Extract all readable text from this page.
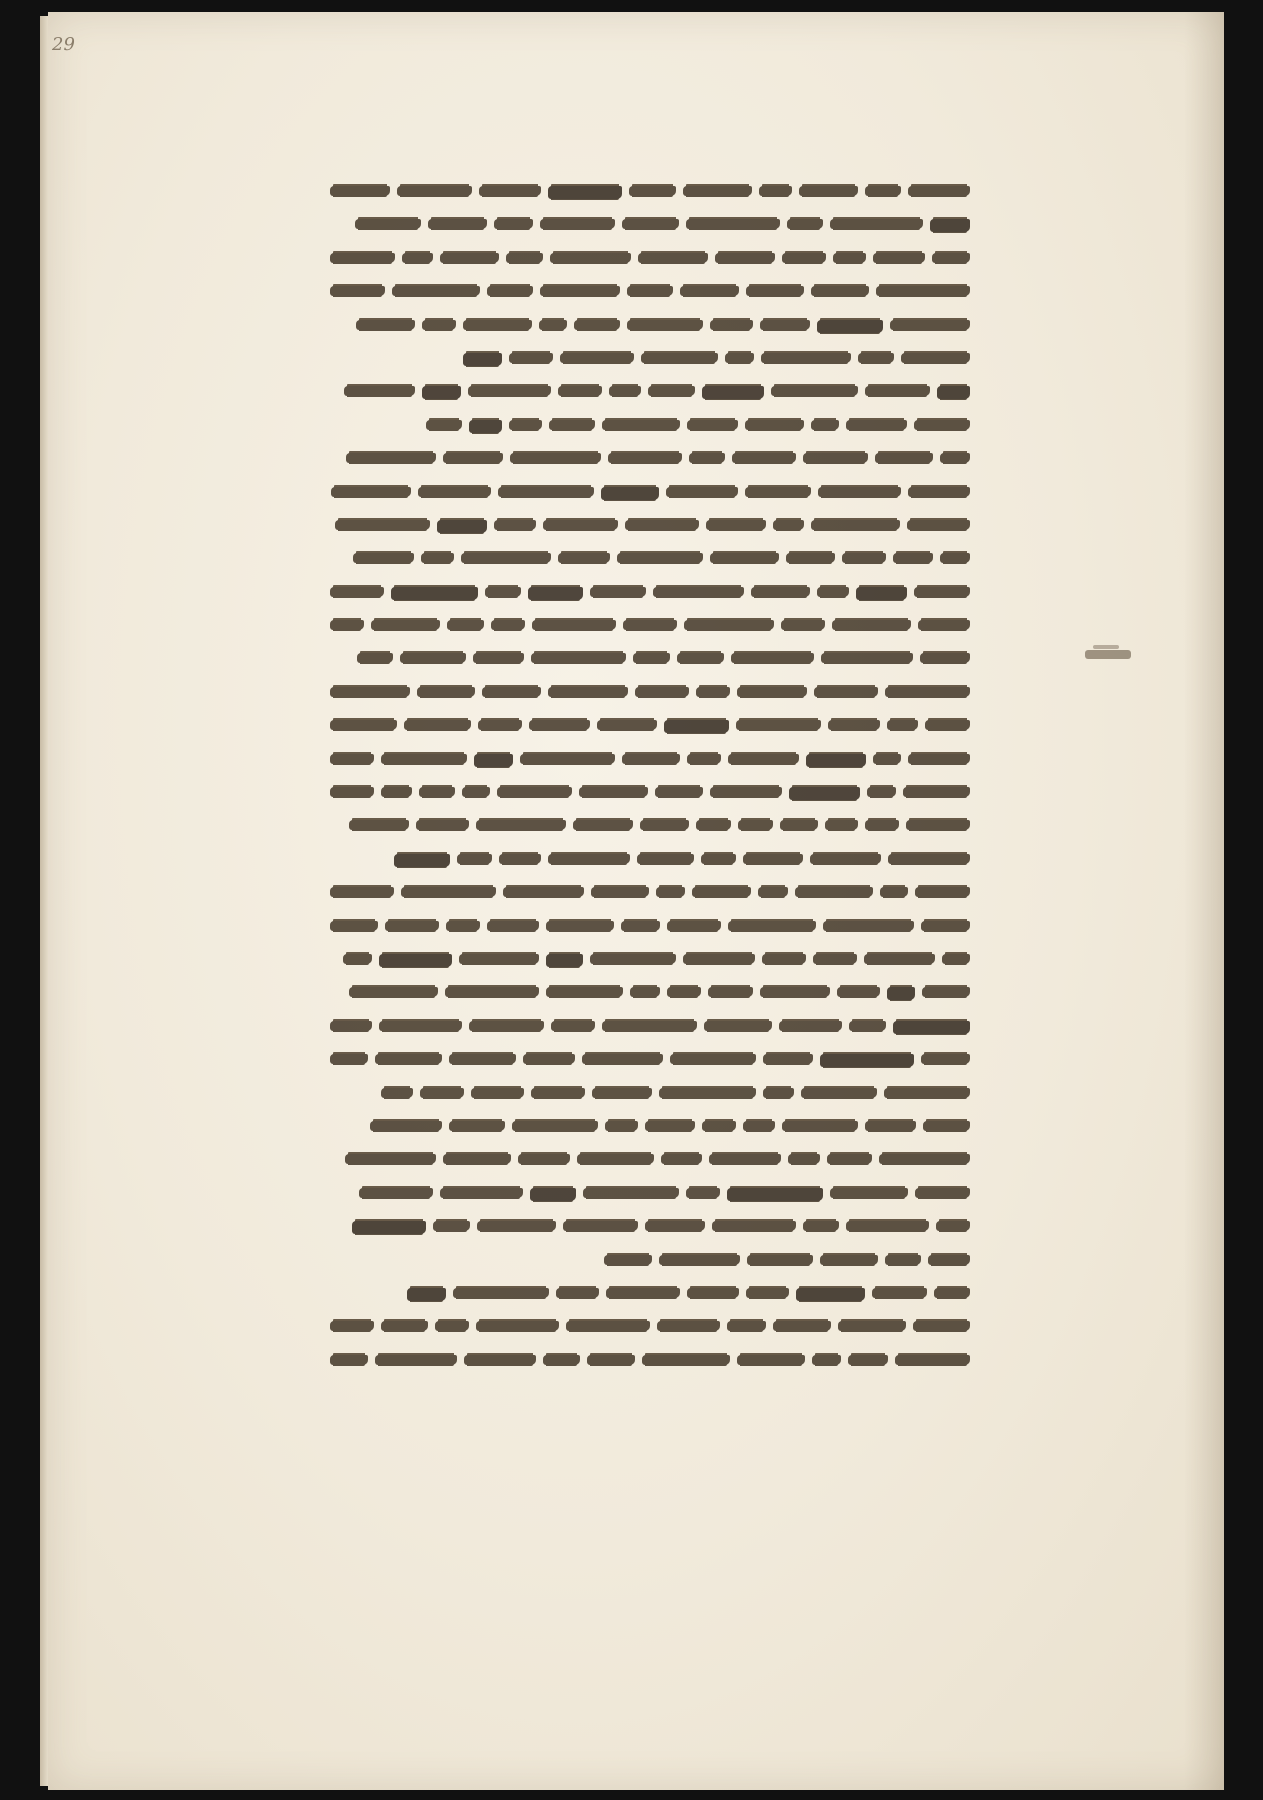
29
